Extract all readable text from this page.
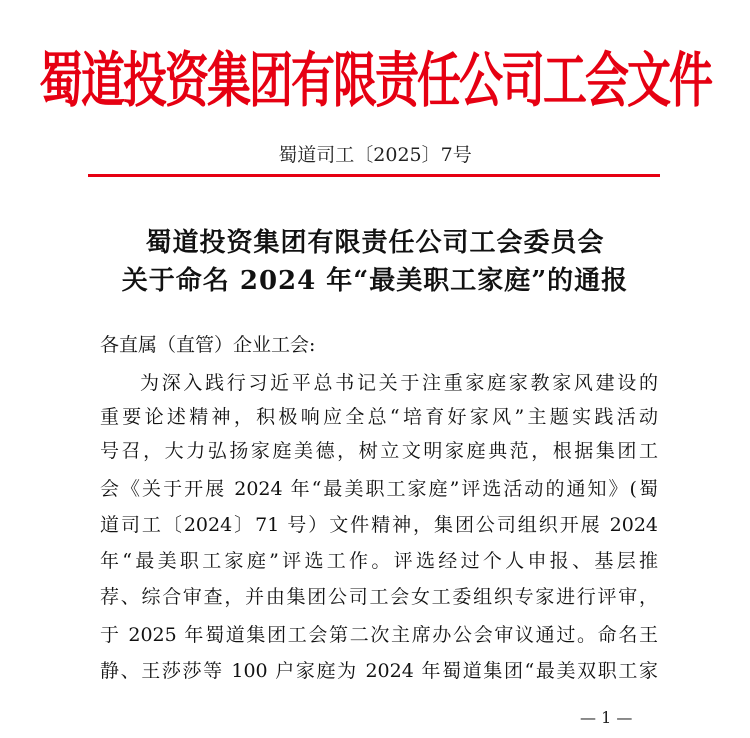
蜀道投资集团有限责任公司工会文件
蜀道司工〔2025〕7号
蜀道投资集团有限责任公司工会委员会
关于命名 2024 年“最美职工家庭”的通报
各直属（直管）企业工会:
为深入践行习近平总书记关于注重家庭家教家风建设的
重要论述精神，积极响应全总“培育好家风”主题实践活动
号召，大力弘扬家庭美德，树立文明家庭典范，根据集团工
会《关于开展 2024 年“最美职工家庭”评选活动的通知》(蜀
道司工〔2024〕71 号）文件精神，集团公司组织开展 2024
年“最美职工家庭”评选工作。评选经过个人申报、基层推
荐、综合审查，并由集团公司工会女工委组织专家进行评审，
于 2025 年蜀道集团工会第二次主席办公会审议通过。命名王
静、王莎莎等 100 户家庭为 2024 年蜀道集团“最美双职工家
— 1 —
